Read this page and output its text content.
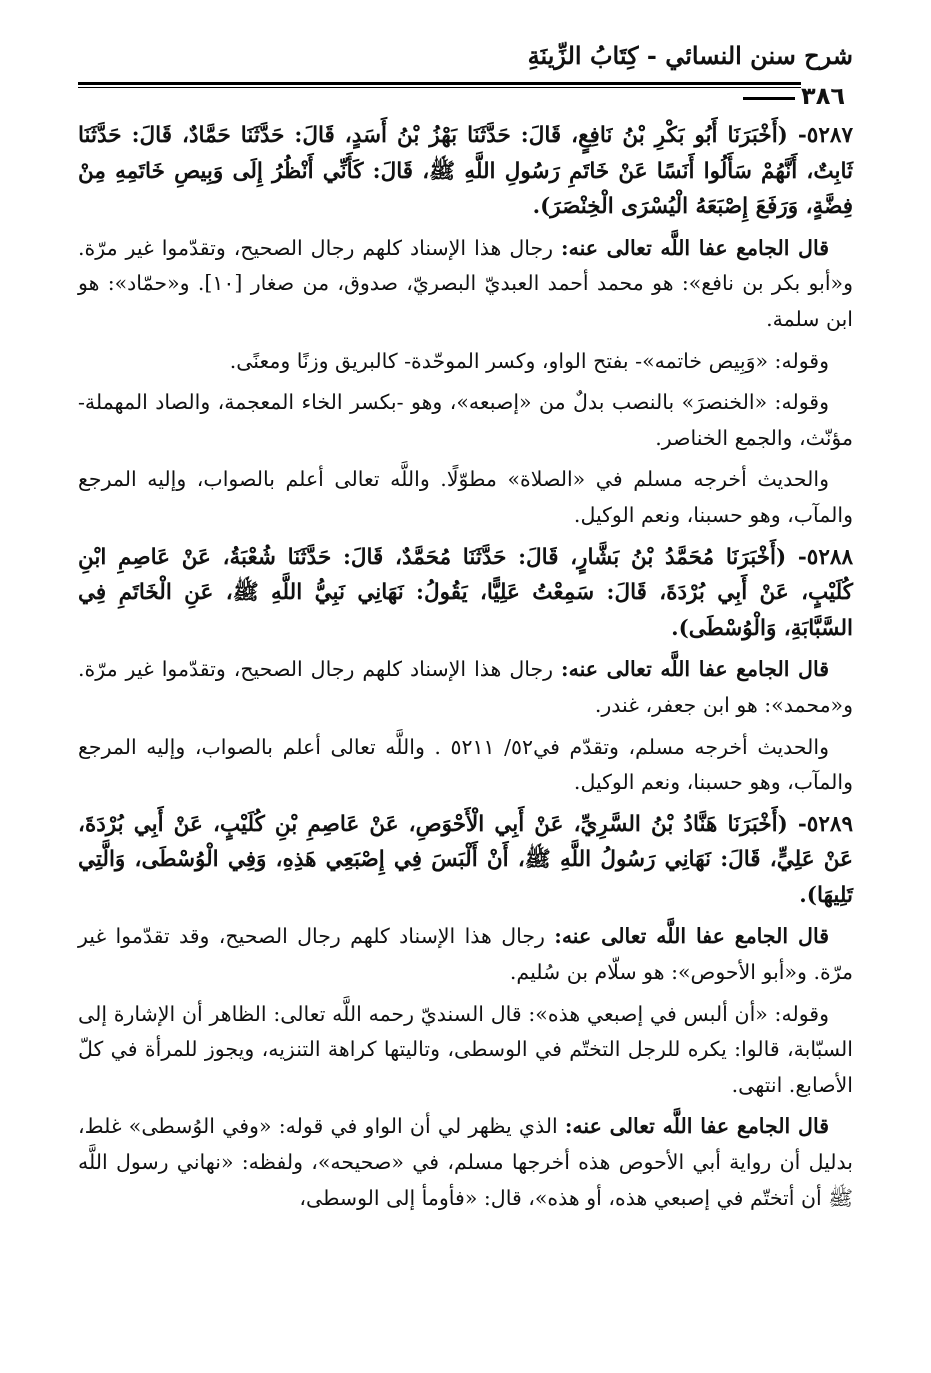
شرح سنن النسائي - كِتَابُ الزِّينَةِ
٣٨٦

٥٢٨٧- (أَخْبَرَنَا أَبُو بَكْرِ بْنُ نَافِعٍ، قَالَ: حَدَّثَنَا بَهْزُ بْنُ أَسَدٍ، قَالَ: حَدَّثَنَا حَمَّادٌ، قَالَ: حَدَّثَنَا ثَابِتٌ، أَنَّهُمْ سَأَلُوا أَنَسًا عَنْ خَاتَمِ رَسُولِ اللَّهِ ﷺ، قَالَ: كَأَنِّي أَنْظُرُ إِلَى وَبِيصِ خَاتَمِهِ مِنْ فِضَّةٍ، وَرَفَعَ إِصْبَعَهُ الْيُسْرَى الْخِنْصَرَ).

قال الجامع عفا اللَّه تعالى عنه: رجال هذا الإسناد كلهم رجال الصحيح، وتقدّموا غير مرّة. و«أبو بكر بن نافع»: هو محمد أحمد العبديّ البصريّ، صدوق، من صغار [١٠]. و«حمّاد»: هو ابن سلمة.

وقوله: «وَبِيص خاتمه»- بفتح الواو، وكسر الموحّدة- كالبريق وزنًا ومعنًى.

وقوله: «الخنصرَ» بالنصب بدلٌ من «إصبعه»، وهو -بكسر الخاء المعجمة، والصاد المهملة- مؤنّث، والجمع الخناصر.

والحديث أخرجه مسلم في «الصلاة» مطوّلًا. واللَّه تعالى أعلم بالصواب، وإليه المرجع والمآب، وهو حسبنا، ونعم الوكيل.

٥٢٨٨- (أَخْبَرَنَا مُحَمَّدُ بْنُ بَشَّارٍ، قَالَ: حَدَّثَنَا مُحَمَّدٌ، قَالَ: حَدَّثَنَا شُعْبَةُ، عَنْ عَاصِمِ ابْنِ كُلَيْبٍ، عَنْ أَبِي بُرْدَةَ، قَالَ: سَمِعْتُ عَلِيًّا، يَقُولُ: نَهَانِي نَبِيُّ اللَّهِ ﷺ، عَنِ الْخَاتَمِ فِي السَّبَّابَةِ، وَالْوُسْطَى).

قال الجامع عفا اللَّه تعالى عنه: رجال هذا الإسناد كلهم رجال الصحيح، وتقدّموا غير مرّة. و«محمد»: هو ابن جعفر، غندر.

والحديث أخرجه مسلم، وتقدّم في٥٢/ ٥٢١١ . واللَّه تعالى أعلم بالصواب، وإليه المرجع والمآب، وهو حسبنا، ونعم الوكيل.

٥٢٨٩- (أَخْبَرَنَا هَنَّادُ بْنُ السَّرِيِّ، عَنْ أَبِي الْأَحْوَصِ، عَنْ عَاصِمِ بْنِ كُلَيْبٍ، عَنْ أَبِي بُرْدَةَ، عَنْ عَلِيٍّ، قَالَ: نَهَانِي رَسُولُ اللَّهِ ﷺ، أَنْ أَلْبَسَ فِي إِصْبَعِي هَذِهِ، وَفِي الْوُسْطَى، وَالَّتِي تَلِيهَا).

قال الجامع عفا اللَّه تعالى عنه: رجال هذا الإسناد كلهم رجال الصحيح، وقد تقدّموا غير مرّة. و«أبو الأحوص»: هو سلّام بن سُليم.

وقوله: «أن ألبس في إصبعي هذه»: قال السنديّ رحمه اللَّه تعالى: الظاهر أن الإشارة إلى السبّابة، قالوا: يكره للرجل التختّم في الوسطى، وتاليتها كراهة التنزيه، ويجوز للمرأة في كلّ الأصابع. انتهى.

قال الجامع عفا اللَّه تعالى عنه: الذي يظهر لي أن الواو في قوله: «وفي الوُسطى» غلط، بدليل أن رواية أبي الأحوص هذه أخرجها مسلم، في «صحيحه»، ولفظه: «نهاني رسول اللَّه ﷺ أن أتختّم في إصبعي هذه، أو هذه»، قال: «فأومأ إلى الوسطى،
